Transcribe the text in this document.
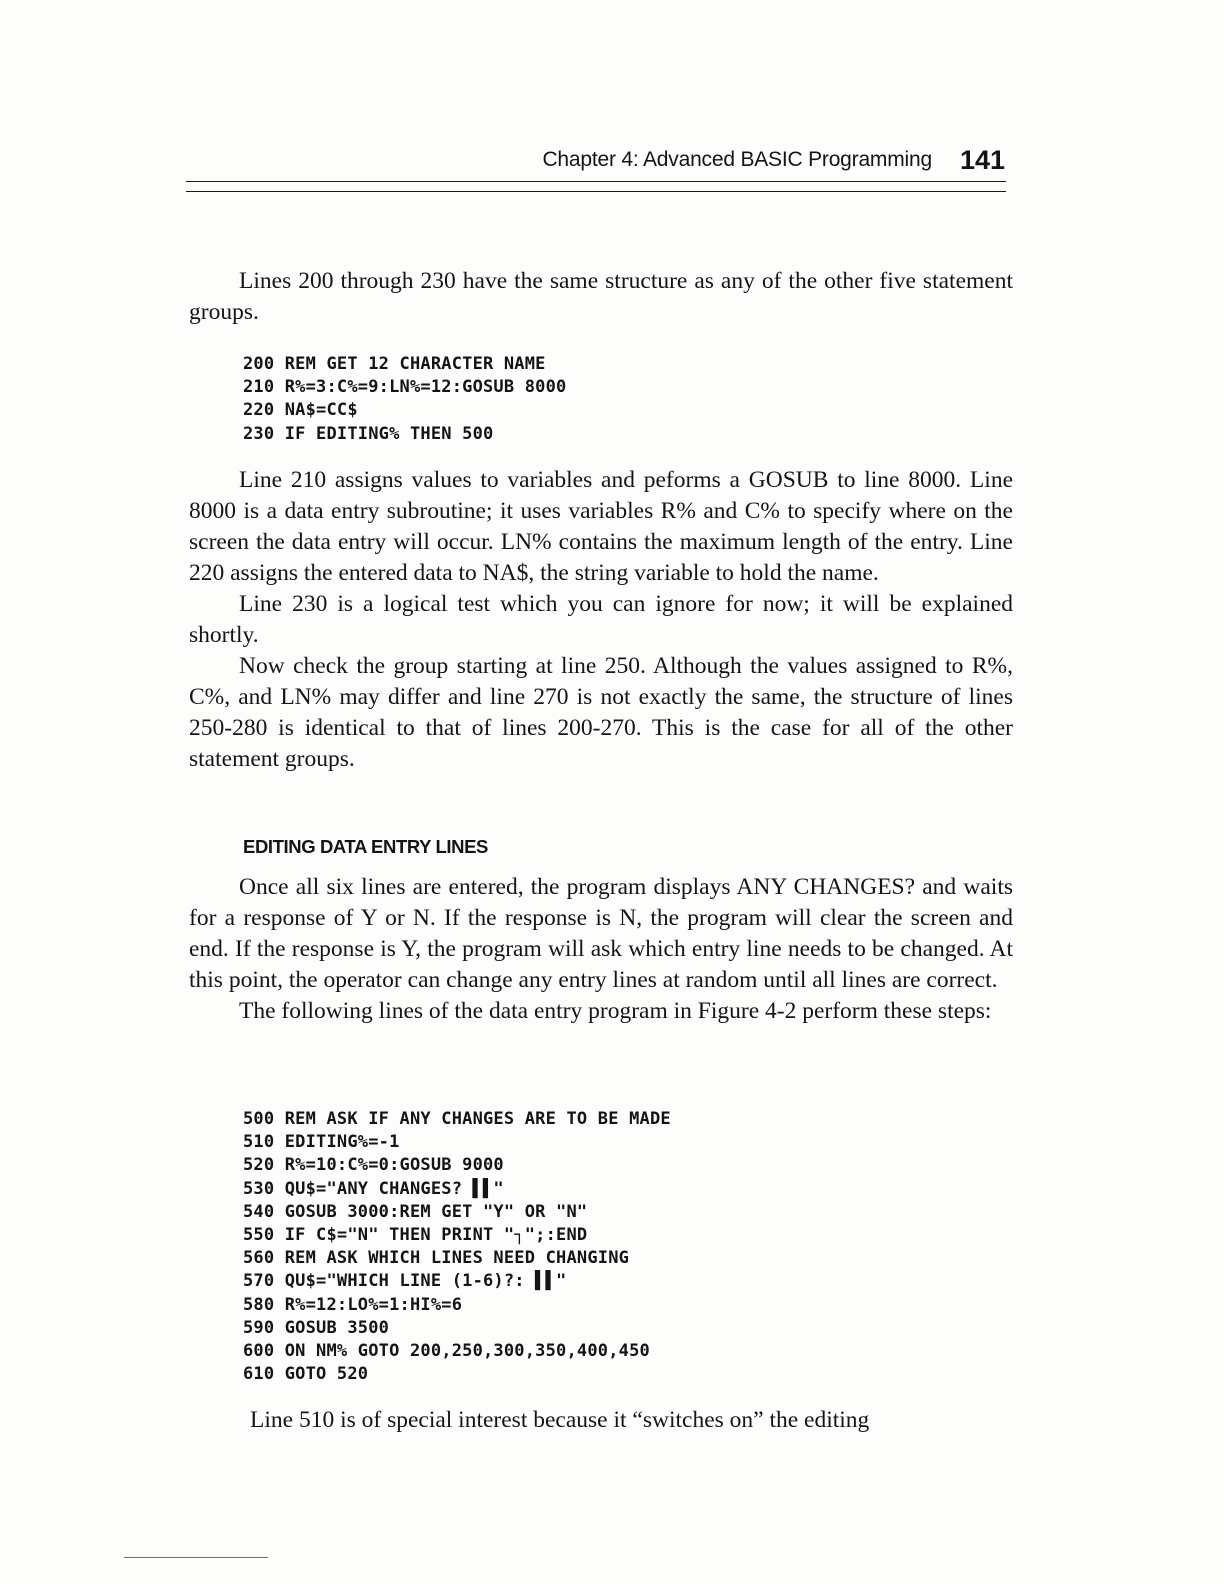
Chapter 4: Advanced BASIC Programming 141

Lines 200 through 230 have the same structure as any of the other five statement groups.

200 REM GET 12 CHARACTER NAME
210 R%=3:C%=9:LN%=12:GOSUB 8000
220 NA$=CC$
230 IF EDITING% THEN 500

Line 210 assigns values to variables and peforms a GOSUB to line 8000. Line 8000 is a data entry subroutine; it uses variables R% and C% to specify where on the screen the data entry will occur. LN% contains the maximum length of the entry. Line 220 assigns the entered data to NA$, the string variable to hold the name.

Line 230 is a logical test which you can ignore for now; it will be explained shortly.

Now check the group starting at line 250. Although the values assigned to R%, C%, and LN% may differ and line 270 is not exactly the same, the structure of lines 250-280 is identical to that of lines 200-270. This is the case for all of the other statement groups.

EDITING DATA ENTRY LINES

Once all six lines are entered, the program displays ANY CHANGES? and waits for a response of Y or N. If the response is N, the program will clear the screen and end. If the response is Y, the program will ask which entry line needs to be changed. At this point, the operator can change any entry lines at random until all lines are correct.

The following lines of the data entry program in Figure 4-2 perform these steps:

500 REM ASK IF ANY CHANGES ARE TO BE MADE
510 EDITING%=-1
520 R%=10:C%=0:GOSUB 9000
530 QU$="ANY CHANGES? ▌▌"
540 GOSUB 3000:REM GET "Y" OR "N"
550 IF C$="N" THEN PRINT "┐";:END
560 REM ASK WHICH LINES NEED CHANGING
570 QU$="WHICH LINE (1-6)?: ▌▌"
580 R%=12:LO%=1:HI%=6
590 GOSUB 3500
600 ON NM% GOTO 200,250,300,350,400,450
610 GOTO 520

Line 510 is of special interest because it “switches on” the editing
